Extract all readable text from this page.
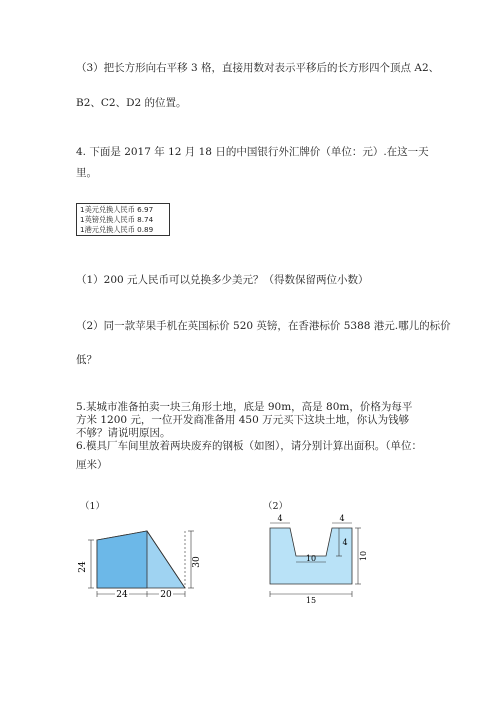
（3）把长方形向右平移 3 格，直接用数对表示平移后的长方形四个顶点 A2、
B2、C2、D2 的位置。
4. 下面是 2017 年 12 月 18 日的中国银行外汇牌价（单位：元）.在这一天
里。
1美元兑换人民币 6.97
1英镑兑换人民币 8.74
1港元兑换人民币 0.89
（1）200 元人民币可以兑换多少美元？（得数保留两位小数）
（2）同一款苹果手机在英国标价 520 英镑，在香港标价 5388 港元.哪儿的标价
低？
5.某城市准备拍卖一块三角形土地，底是 90m，高是 80m，价格为每平方米 1200 元，一位开发商准备用 450 万元买下这块土地，你认为钱够不够？请说明原因。
6.模具厂车间里放着两块废弃的钢板（如图），请分别计算出面积。（单位：
厘米）
（1）
24	30
24	20
（2）
4	4
4
10	10
15
